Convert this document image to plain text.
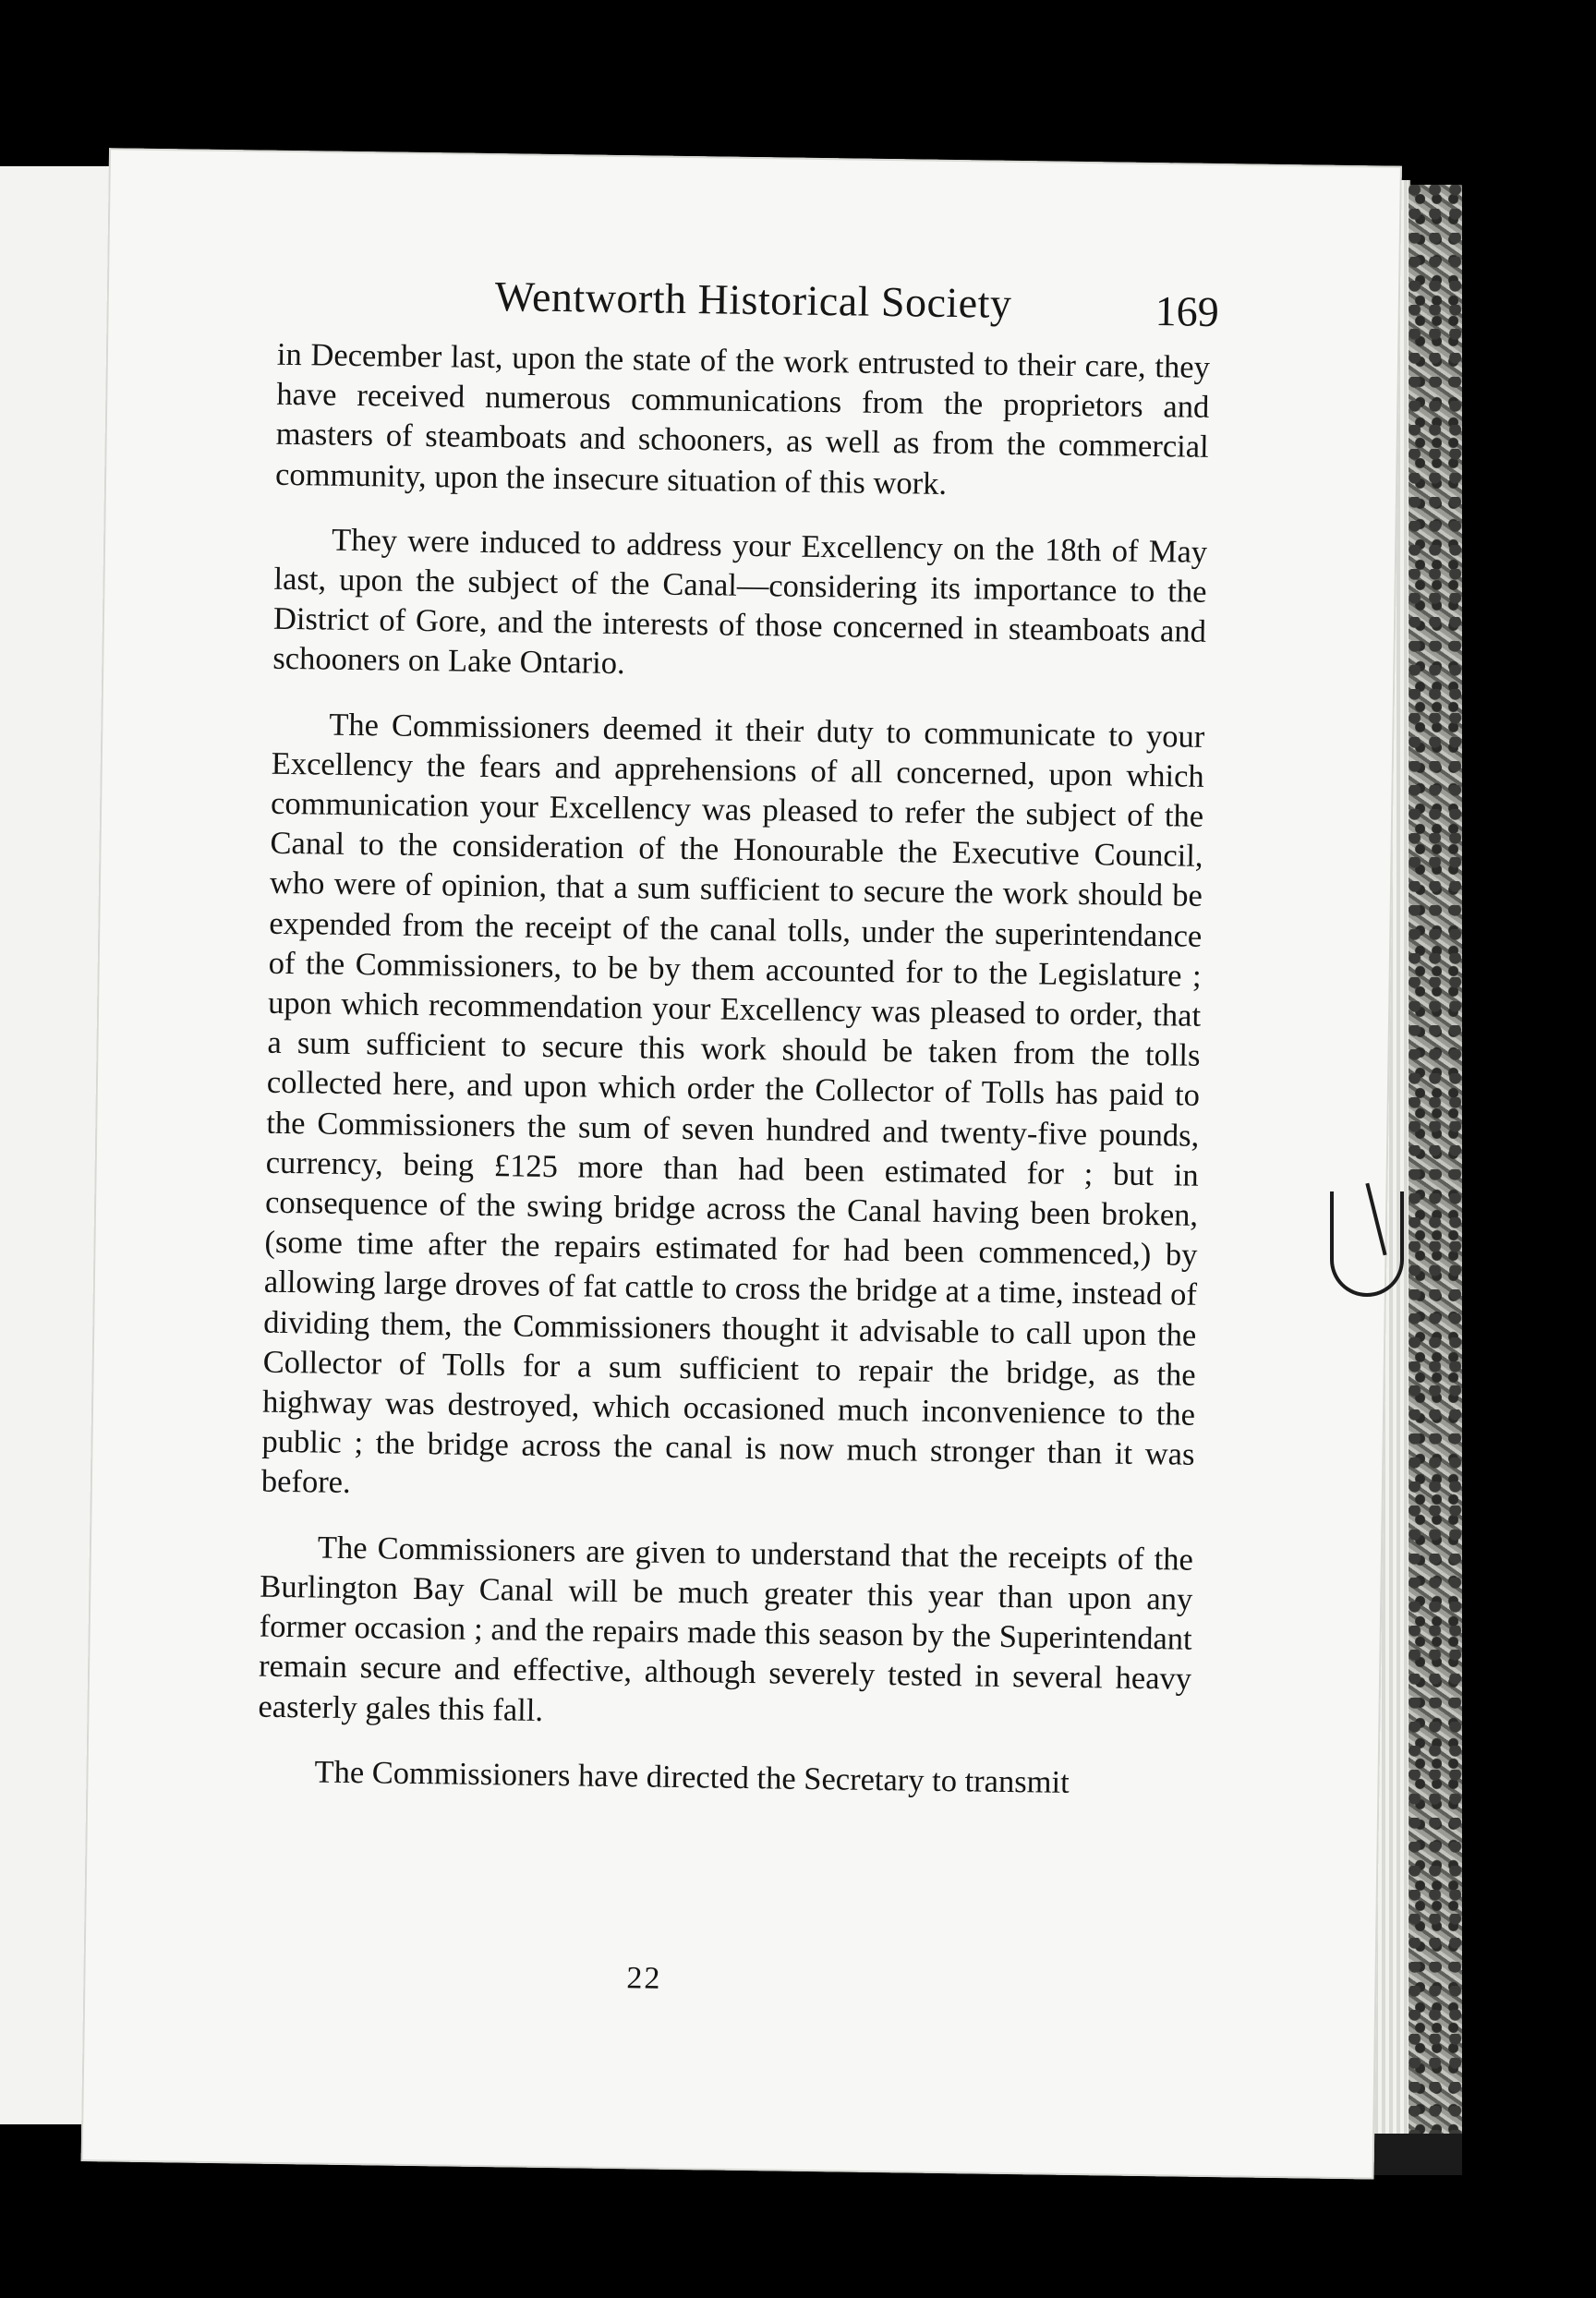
Wentworth Historical Society	169

in December last, upon the state of the work entrusted to their care, they have received numerous communications from the proprietors and masters of steamboats and schooners, as well as from the commercial community, upon the insecure situation of this work.

They were induced to address your Excellency on the 18th of May last, upon the subject of the Canal—considering its importance to the District of Gore, and the interests of those concerned in steamboats and schooners on Lake Ontario.

The Commissioners deemed it their duty to communicate to your Excellency the fears and apprehensions of all concerned, upon which communication your Excellency was pleased to refer the subject of the Canal to the consideration of the Honourable the Executive Council, who were of opinion, that a sum sufficient to secure the work should be expended from the receipt of the canal tolls, under the superintendance of the Commissioners, to be by them accounted for to the Legislature ; upon which recommendation your Excellency was pleased to order, that a sum sufficient to secure this work should be taken from the tolls collected here, and upon which order the Collector of Tolls has paid to the Commissioners the sum of seven hundred and twenty-five pounds, currency, being £125 more than had been estimated for ; but in consequence of the swing bridge across the Canal having been broken, (some time after the repairs estimated for had been commenced,) by allowing large droves of fat cattle to cross the bridge at a time, instead of dividing them, the Commissioners thought it advisable to call upon the Collector of Tolls for a sum sufficient to repair the bridge, as the highway was destroyed, which occasioned much inconvenience to the public ; the bridge across the canal is now much stronger than it was before.

The Commissioners are given to understand that the receipts of the Burlington Bay Canal will be much greater this year than upon any former occasion ; and the repairs made this season by the Superintendant remain secure and effective, although severely tested in several heavy easterly gales this fall.

The Commissioners have directed the Secretary to transmit

22
